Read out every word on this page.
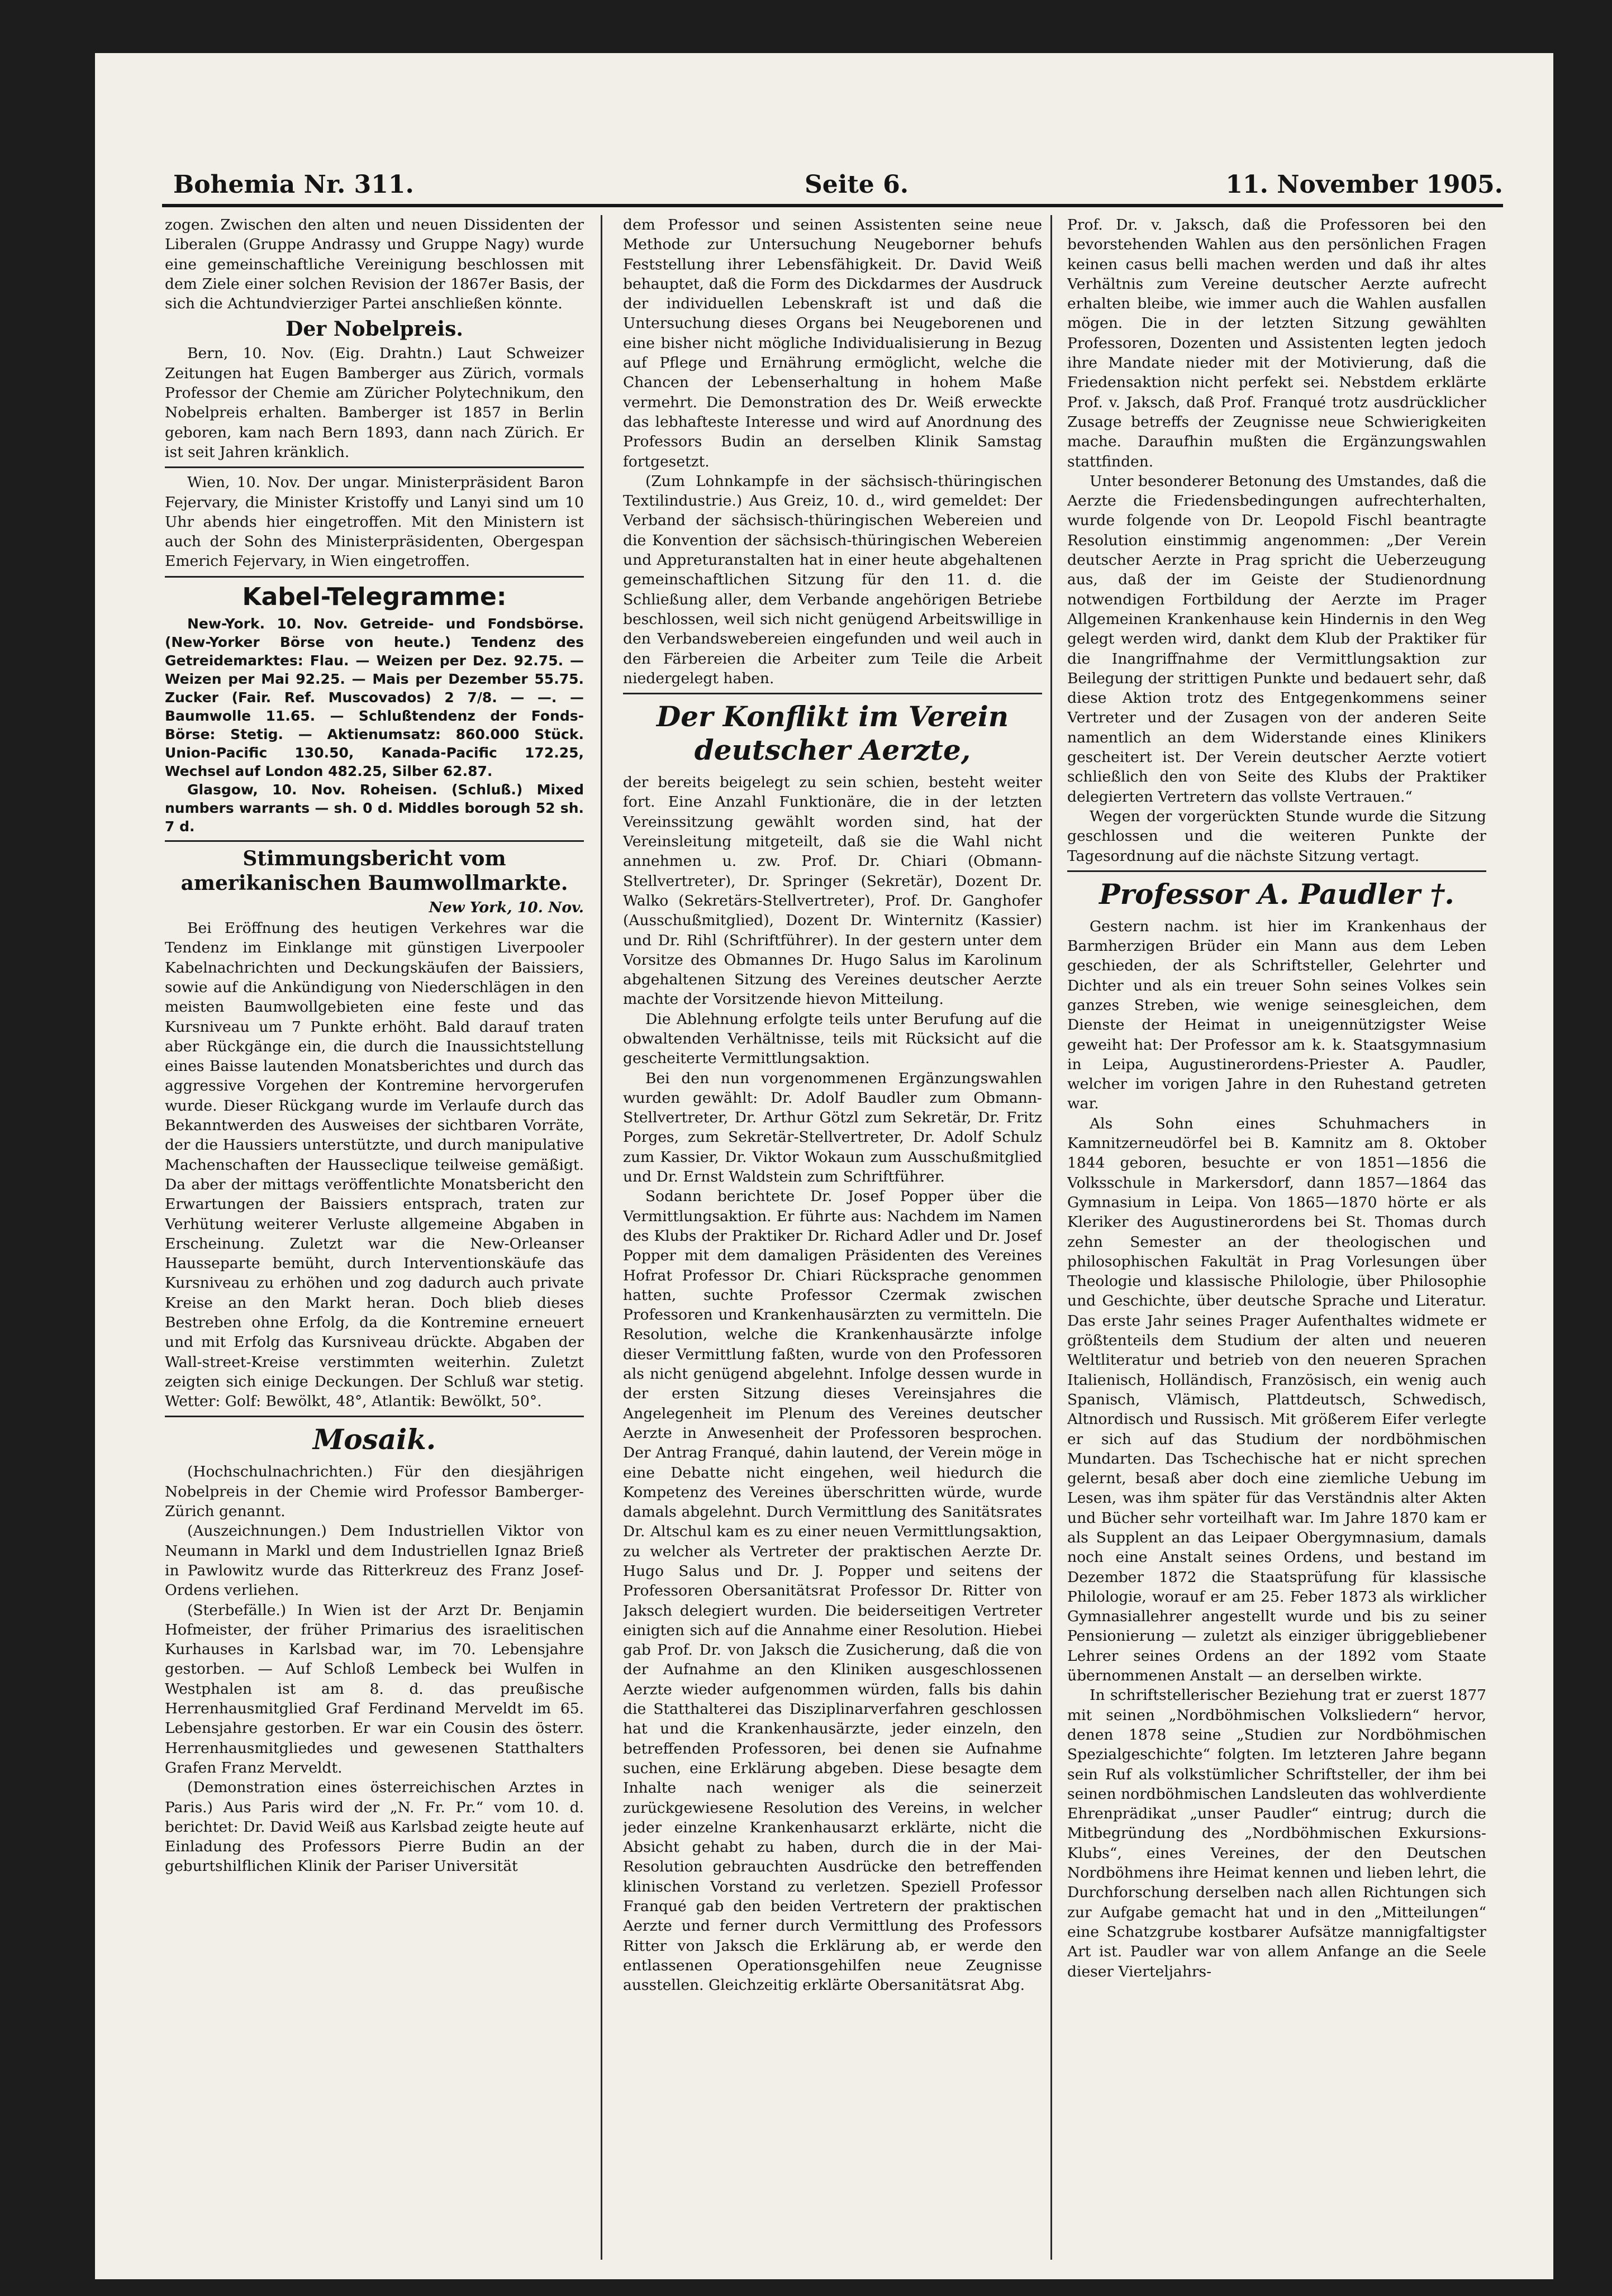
Bohemia Nr. 311.	Seite 6.	11. November 1905.

zogen. Zwischen den alten und neuen Dissidenten der Liberalen (Gruppe Andrassy und Gruppe Nagy) wurde eine gemeinschaftliche Vereinigung beschlossen mit dem Ziele einer solchen Revision der 1867er Basis, der sich die Achtundvierziger Partei anschließen könnte.

Der Nobelpreis.

Bern, 10. Nov. (Eig. Drahtn.) Laut Schweizer Zeitungen hat Eugen Bamberger aus Zürich, vormals Professor der Chemie am Züricher Polytechnikum, den Nobelpreis erhalten. Bamberger ist 1857 in Berlin geboren, kam nach Bern 1893, dann nach Zürich. Er ist seit Jahren kränklich.

Wien, 10. Nov. Der ungar. Ministerpräsident Baron Fejervary, die Minister Kristoffy und Lanyi sind um 10 Uhr abends hier eingetroffen. Mit den Ministern ist auch der Sohn des Ministerpräsidenten, Obergespan Emerich Fejervary, in Wien eingetroffen.

Kabel-Telegramme:

New-York. 10. Nov. Getreide- und Fondsbörse. (New-Yorker Börse von heute.) Tendenz des Getreidemarktes: Flau. — Weizen per Dez. 92.75. — Weizen per Mai 92.25. — Mais per Dezember 55.75. Zucker (Fair. Ref. Muscovados) 2 7/8. — —. — Baumwolle 11.65. — Schlußtendenz der Fonds-Börse: Stetig. — Aktienumsatz: 860.000 Stück. Union-Pacific 130.50, Kanada-Pacific 172.25, Wechsel auf London 482.25, Silber 62.87.

Glasgow, 10. Nov. Roheisen. (Schluß.) Mixed numbers warrants — sh. 0 d. Middles borough 52 sh. 7 d.

Stimmungsbericht vom amerikanischen Baumwollmarkte.
New York, 10. Nov.

Bei Eröffnung des heutigen Verkehres war die Tendenz im Einklange mit günstigen Liverpooler Kabelnachrichten und Deckungskäufen der Baissiers, sowie auf die Ankündigung von Niederschlägen in den meisten Baumwollgebieten eine feste und das Kursniveau um 7 Punkte erhöht. Bald darauf traten aber Rückgänge ein, die durch die Inaussichtstellung eines Baisse lautenden Monatsberichtes und durch das aggressive Vorgehen der Kontremine hervorgerufen wurde. Dieser Rückgang wurde im Verlaufe durch das Bekanntwerden des Ausweises der sichtbaren Vorräte, der die Haussiers unterstützte, und durch manipulative Machenschaften der Hausseclique teilweise gemäßigt. Da aber der mittags veröffentlichte Monatsbericht den Erwartungen der Baissiers entsprach, traten zur Verhütung weiterer Verluste allgemeine Abgaben in Erscheinung. Zuletzt war die New-Orleanser Hausseparte bemüht, durch Interventionskäufe das Kursniveau zu erhöhen und zog dadurch auch private Kreise an den Markt heran. Doch blieb dieses Bestreben ohne Erfolg, da die Kontremine erneuert und mit Erfolg das Kursniveau drückte. Abgaben der Wall-street-Kreise verstimmten weiterhin. Zuletzt zeigten sich einige Deckungen. Der Schluß war stetig. Wetter: Golf: Bewölkt, 48°, Atlantik: Bewölkt, 50°.

Mosaik.

(Hochschulnachrichten.) Für den diesjährigen Nobelpreis in der Chemie wird Professor Bamberger-Zürich genannt.

(Auszeichnungen.) Dem Industriellen Viktor von Neumann in Markl und dem Industriellen Ignaz Brieß in Pawlowitz wurde das Ritterkreuz des Franz Josef-Ordens verliehen.

(Sterbefälle.) In Wien ist der Arzt Dr. Benjamin Hofmeister, der früher Primarius des israelitischen Kurhauses in Karlsbad war, im 70. Lebensjahre gestorben. — Auf Schloß Lembeck bei Wulfen in Westphalen ist am 8. d. das preußische Herrenhausmitglied Graf Ferdinand Merveldt im 65. Lebensjahre gestorben. Er war ein Cousin des österr. Herrenhausmitgliedes und gewesenen Statthalters Grafen Franz Merveldt.

(Demonstration eines österreichischen Arztes in Paris.) Aus Paris wird der „N. Fr. Pr.“ vom 10. d. berichtet: Dr. David Weiß aus Karlsbad zeigte heute auf Einladung des Professors Pierre Budin an der geburtshilflichen Klinik der Pariser Universität

dem Professor und seinen Assistenten seine neue Methode zur Untersuchung Neugeborner behufs Feststellung ihrer Lebensfähigkeit. Dr. David Weiß behauptet, daß die Form des Dickdarmes der Ausdruck der individuellen Lebenskraft ist und daß die Untersuchung dieses Organs bei Neugeborenen und eine bisher nicht mögliche Individualisierung in Bezug auf Pflege und Ernährung ermöglicht, welche die Chancen der Lebenserhaltung in hohem Maße vermehrt. Die Demonstration des Dr. Weiß erweckte das lebhafteste Interesse und wird auf Anordnung des Professors Budin an derselben Klinik Samstag fortgesetzt.

(Zum Lohnkampfe in der sächsisch-thüringischen Textilindustrie.) Aus Greiz, 10. d., wird gemeldet: Der Verband der sächsisch-thüringischen Webereien und die Konvention der sächsisch-thüringischen Webereien und Appreturanstalten hat in einer heute abgehaltenen gemeinschaftlichen Sitzung für den 11. d. die Schließung aller, dem Verbande angehörigen Betriebe beschlossen, weil sich nicht genügend Arbeitswillige in den Verbandswebereien eingefunden und weil auch in den Färbereien die Arbeiter zum Teile die Arbeit niedergelegt haben.

Der Konflikt im Verein deutscher Aerzte,

der bereits beigelegt zu sein schien, besteht weiter fort. Eine Anzahl Funktionäre, die in der letzten Vereinssitzung gewählt worden sind, hat der Vereinsleitung mitgeteilt, daß sie die Wahl nicht annehmen u. zw. Prof. Dr. Chiari (Obmann-Stellvertreter), Dr. Springer (Sekretär), Dozent Dr. Walko (Sekretärs-Stellvertreter), Prof. Dr. Ganghofer (Ausschußmitglied), Dozent Dr. Winternitz (Kassier) und Dr. Rihl (Schriftführer). In der gestern unter dem Vorsitze des Obmannes Dr. Hugo Salus im Karolinum abgehaltenen Sitzung des Vereines deutscher Aerzte machte der Vorsitzende hievon Mitteilung.

Die Ablehnung erfolgte teils unter Berufung auf die obwaltenden Verhältnisse, teils mit Rücksicht auf die gescheiterte Vermittlungsaktion.

Bei den nun vorgenommenen Ergänzungswahlen wurden gewählt: Dr. Adolf Baudler zum Obmann-Stellvertreter, Dr. Arthur Götzl zum Sekretär, Dr. Fritz Porges, zum Sekretär-Stellvertreter, Dr. Adolf Schulz zum Kassier, Dr. Viktor Wokaun zum Ausschußmitglied und Dr. Ernst Waldstein zum Schriftführer.

Sodann berichtete Dr. Josef Popper über die Vermittlungsaktion. Er führte aus: Nachdem im Namen des Klubs der Praktiker Dr. Richard Adler und Dr. Josef Popper mit dem damaligen Präsidenten des Vereines Hofrat Professor Dr. Chiari Rücksprache genommen hatten, suchte Professor Czermak zwischen Professoren und Krankenhausärzten zu vermitteln. Die Resolution, welche die Krankenhausärzte infolge dieser Vermittlung faßten, wurde von den Professoren als nicht genügend abgelehnt. Infolge dessen wurde in der ersten Sitzung dieses Vereinsjahres die Angelegenheit im Plenum des Vereines deutscher Aerzte in Anwesenheit der Professoren besprochen. Der Antrag Franqué, dahin lautend, der Verein möge in eine Debatte nicht eingehen, weil hiedurch die Kompetenz des Vereines überschritten würde, wurde damals abgelehnt. Durch Vermittlung des Sanitätsrates Dr. Altschul kam es zu einer neuen Vermittlungsaktion, zu welcher als Vertreter der praktischen Aerzte Dr. Hugo Salus und Dr. J. Popper und seitens der Professoren Obersanitätsrat Professor Dr. Ritter von Jaksch delegiert wurden. Die beiderseitigen Vertreter einigten sich auf die Annahme einer Resolution. Hiebei gab Prof. Dr. von Jaksch die Zusicherung, daß die von der Aufnahme an den Kliniken ausgeschlossenen Aerzte wieder aufgenommen würden, falls bis dahin die Statthalterei das Disziplinarverfahren geschlossen hat und die Krankenhausärzte, jeder einzeln, den betreffenden Professoren, bei denen sie Aufnahme suchen, eine Erklärung abgeben. Diese besagte dem Inhalte nach weniger als die seinerzeit zurückgewiesene Resolution des Vereins, in welcher jeder einzelne Krankenhausarzt erklärte, nicht die Absicht gehabt zu haben, durch die in der Mai-Resolution gebrauchten Ausdrücke den betreffenden klinischen Vorstand zu verletzen. Speziell Professor Franqué gab den beiden Vertretern der praktischen Aerzte und ferner durch Vermittlung des Professors Ritter von Jaksch die Erklärung ab, er werde den entlassenen Operationsgehilfen neue Zeugnisse ausstellen. Gleichzeitig erklärte Obersanitätsrat Abg.

Prof. Dr. v. Jaksch, daß die Professoren bei den bevorstehenden Wahlen aus den persönlichen Fragen keinen casus belli machen werden und daß ihr altes Verhältnis zum Vereine deutscher Aerzte aufrecht erhalten bleibe, wie immer auch die Wahlen ausfallen mögen. Die in der letzten Sitzung gewählten Professoren, Dozenten und Assistenten legten jedoch ihre Mandate nieder mit der Motivierung, daß die Friedensaktion nicht perfekt sei. Nebstdem erklärte Prof. v. Jaksch, daß Prof. Franqué trotz ausdrücklicher Zusage betreffs der Zeugnisse neue Schwierigkeiten mache. Daraufhin mußten die Ergänzungswahlen stattfinden.

Unter besonderer Betonung des Umstandes, daß die Aerzte die Friedensbedingungen aufrechterhalten, wurde folgende von Dr. Leopold Fischl beantragte Resolution einstimmig angenommen: „Der Verein deutscher Aerzte in Prag spricht die Ueberzeugung aus, daß der im Geiste der Studienordnung notwendigen Fortbildung der Aerzte im Prager Allgemeinen Krankenhause kein Hindernis in den Weg gelegt werden wird, dankt dem Klub der Praktiker für die Inangriffnahme der Vermittlungsaktion zur Beilegung der strittigen Punkte und bedauert sehr, daß diese Aktion trotz des Entgegenkommens seiner Vertreter und der Zusagen von der anderen Seite namentlich an dem Widerstande eines Klinikers gescheitert ist. Der Verein deutscher Aerzte votiert schließlich den von Seite des Klubs der Praktiker delegierten Vertretern das vollste Vertrauen.“

Wegen der vorgerückten Stunde wurde die Sitzung geschlossen und die weiteren Punkte der Tagesordnung auf die nächste Sitzung vertagt.

Professor A. Paudler †.

Gestern nachm. ist hier im Krankenhaus der Barmherzigen Brüder ein Mann aus dem Leben geschieden, der als Schriftsteller, Gelehrter und Dichter und als ein treuer Sohn seines Volkes sein ganzes Streben, wie wenige seinesgleichen, dem Dienste der Heimat in uneigennützigster Weise geweiht hat: Der Professor am k. k. Staatsgymnasium in Leipa, Augustinerordens-Priester A. Paudler, welcher im vorigen Jahre in den Ruhestand getreten war.

Als Sohn eines Schuhmachers in Kamnitzerneudörfel bei B. Kamnitz am 8. Oktober 1844 geboren, besuchte er von 1851—1856 die Volksschule in Markersdorf, dann 1857—1864 das Gymnasium in Leipa. Von 1865—1870 hörte er als Kleriker des Augustinerordens bei St. Thomas durch zehn Semester an der theologischen und philosophischen Fakultät in Prag Vorlesungen über Theologie und klassische Philologie, über Philosophie und Geschichte, über deutsche Sprache und Literatur. Das erste Jahr seines Prager Aufenthaltes widmete er größtenteils dem Studium der alten und neueren Weltliteratur und betrieb von den neueren Sprachen Italienisch, Holländisch, Französisch, ein wenig auch Spanisch, Vlämisch, Plattdeutsch, Schwedisch, Altnordisch und Russisch. Mit größerem Eifer verlegte er sich auf das Studium der nordböhmischen Mundarten. Das Tschechische hat er nicht sprechen gelernt, besaß aber doch eine ziemliche Uebung im Lesen, was ihm später für das Verständnis alter Akten und Bücher sehr vorteilhaft war. Im Jahre 1870 kam er als Supplent an das Leipaer Obergymnasium, damals noch eine Anstalt seines Ordens, und bestand im Dezember 1872 die Staatsprüfung für klassische Philologie, worauf er am 25. Feber 1873 als wirklicher Gymnasiallehrer angestellt wurde und bis zu seiner Pensionierung — zuletzt als einziger übriggebliebener Lehrer seines Ordens an der 1892 vom Staate übernommenen Anstalt — an derselben wirkte.

In schriftstellerischer Beziehung trat er zuerst 1877 mit seinen „Nordböhmischen Volksliedern“ hervor, denen 1878 seine „Studien zur Nordböhmischen Spezialgeschichte“ folgten. Im letzteren Jahre begann sein Ruf als volkstümlicher Schriftsteller, der ihm bei seinen nordböhmischen Landsleuten das wohlverdiente Ehrenprädikat „unser Paudler“ eintrug; durch die Mitbegründung des „Nordböhmischen Exkursions-Klubs“, eines Vereines, der den Deutschen Nordböhmens ihre Heimat kennen und lieben lehrt, die Durchforschung derselben nach allen Richtungen sich zur Aufgabe gemacht hat und in den „Mitteilungen“ eine Schatzgrube kostbarer Aufsätze mannigfaltigster Art ist. Paudler war von allem Anfange an die Seele dieser Vierteljahrs-
